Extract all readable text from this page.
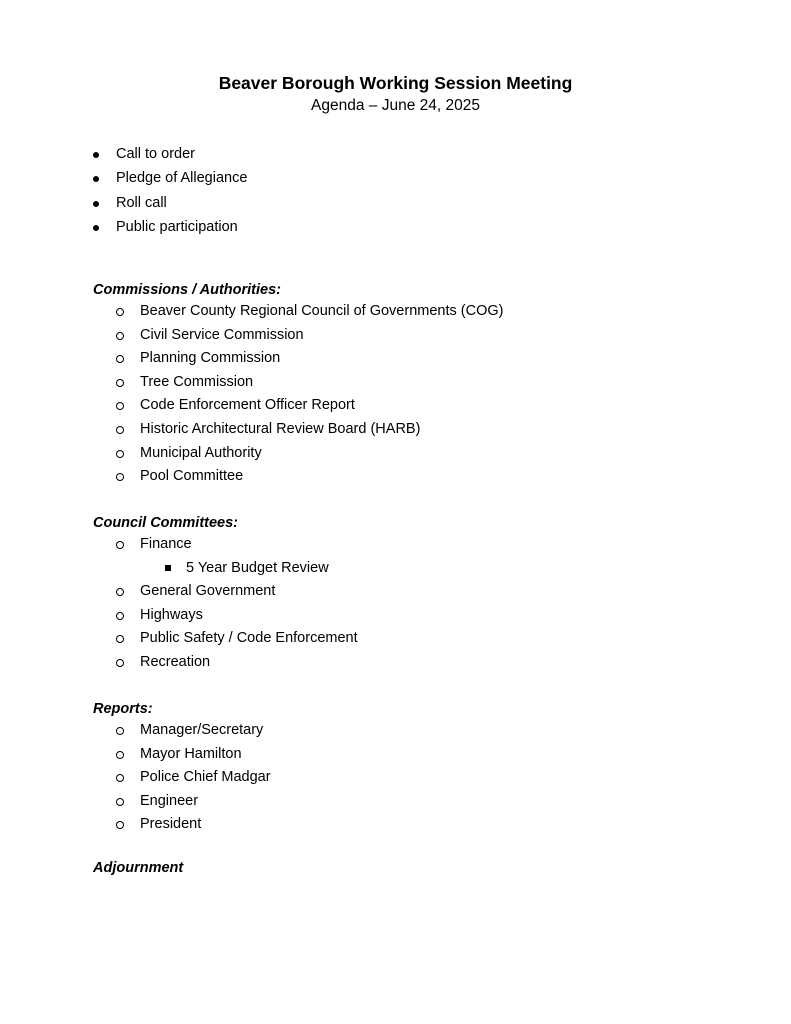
Beaver Borough Working Session Meeting
Agenda – June 24, 2025
Call to order
Pledge of Allegiance
Roll call
Public participation
Commissions / Authorities:
Beaver County Regional Council of Governments (COG)
Civil Service Commission
Planning Commission
Tree Commission
Code Enforcement Officer Report
Historic Architectural Review Board (HARB)
Municipal Authority
Pool Committee
Council Committees:
Finance
5 Year Budget Review
General Government
Highways
Public Safety / Code Enforcement
Recreation
Reports:
Manager/Secretary
Mayor Hamilton
Police Chief Madgar
Engineer
President
Adjournment
